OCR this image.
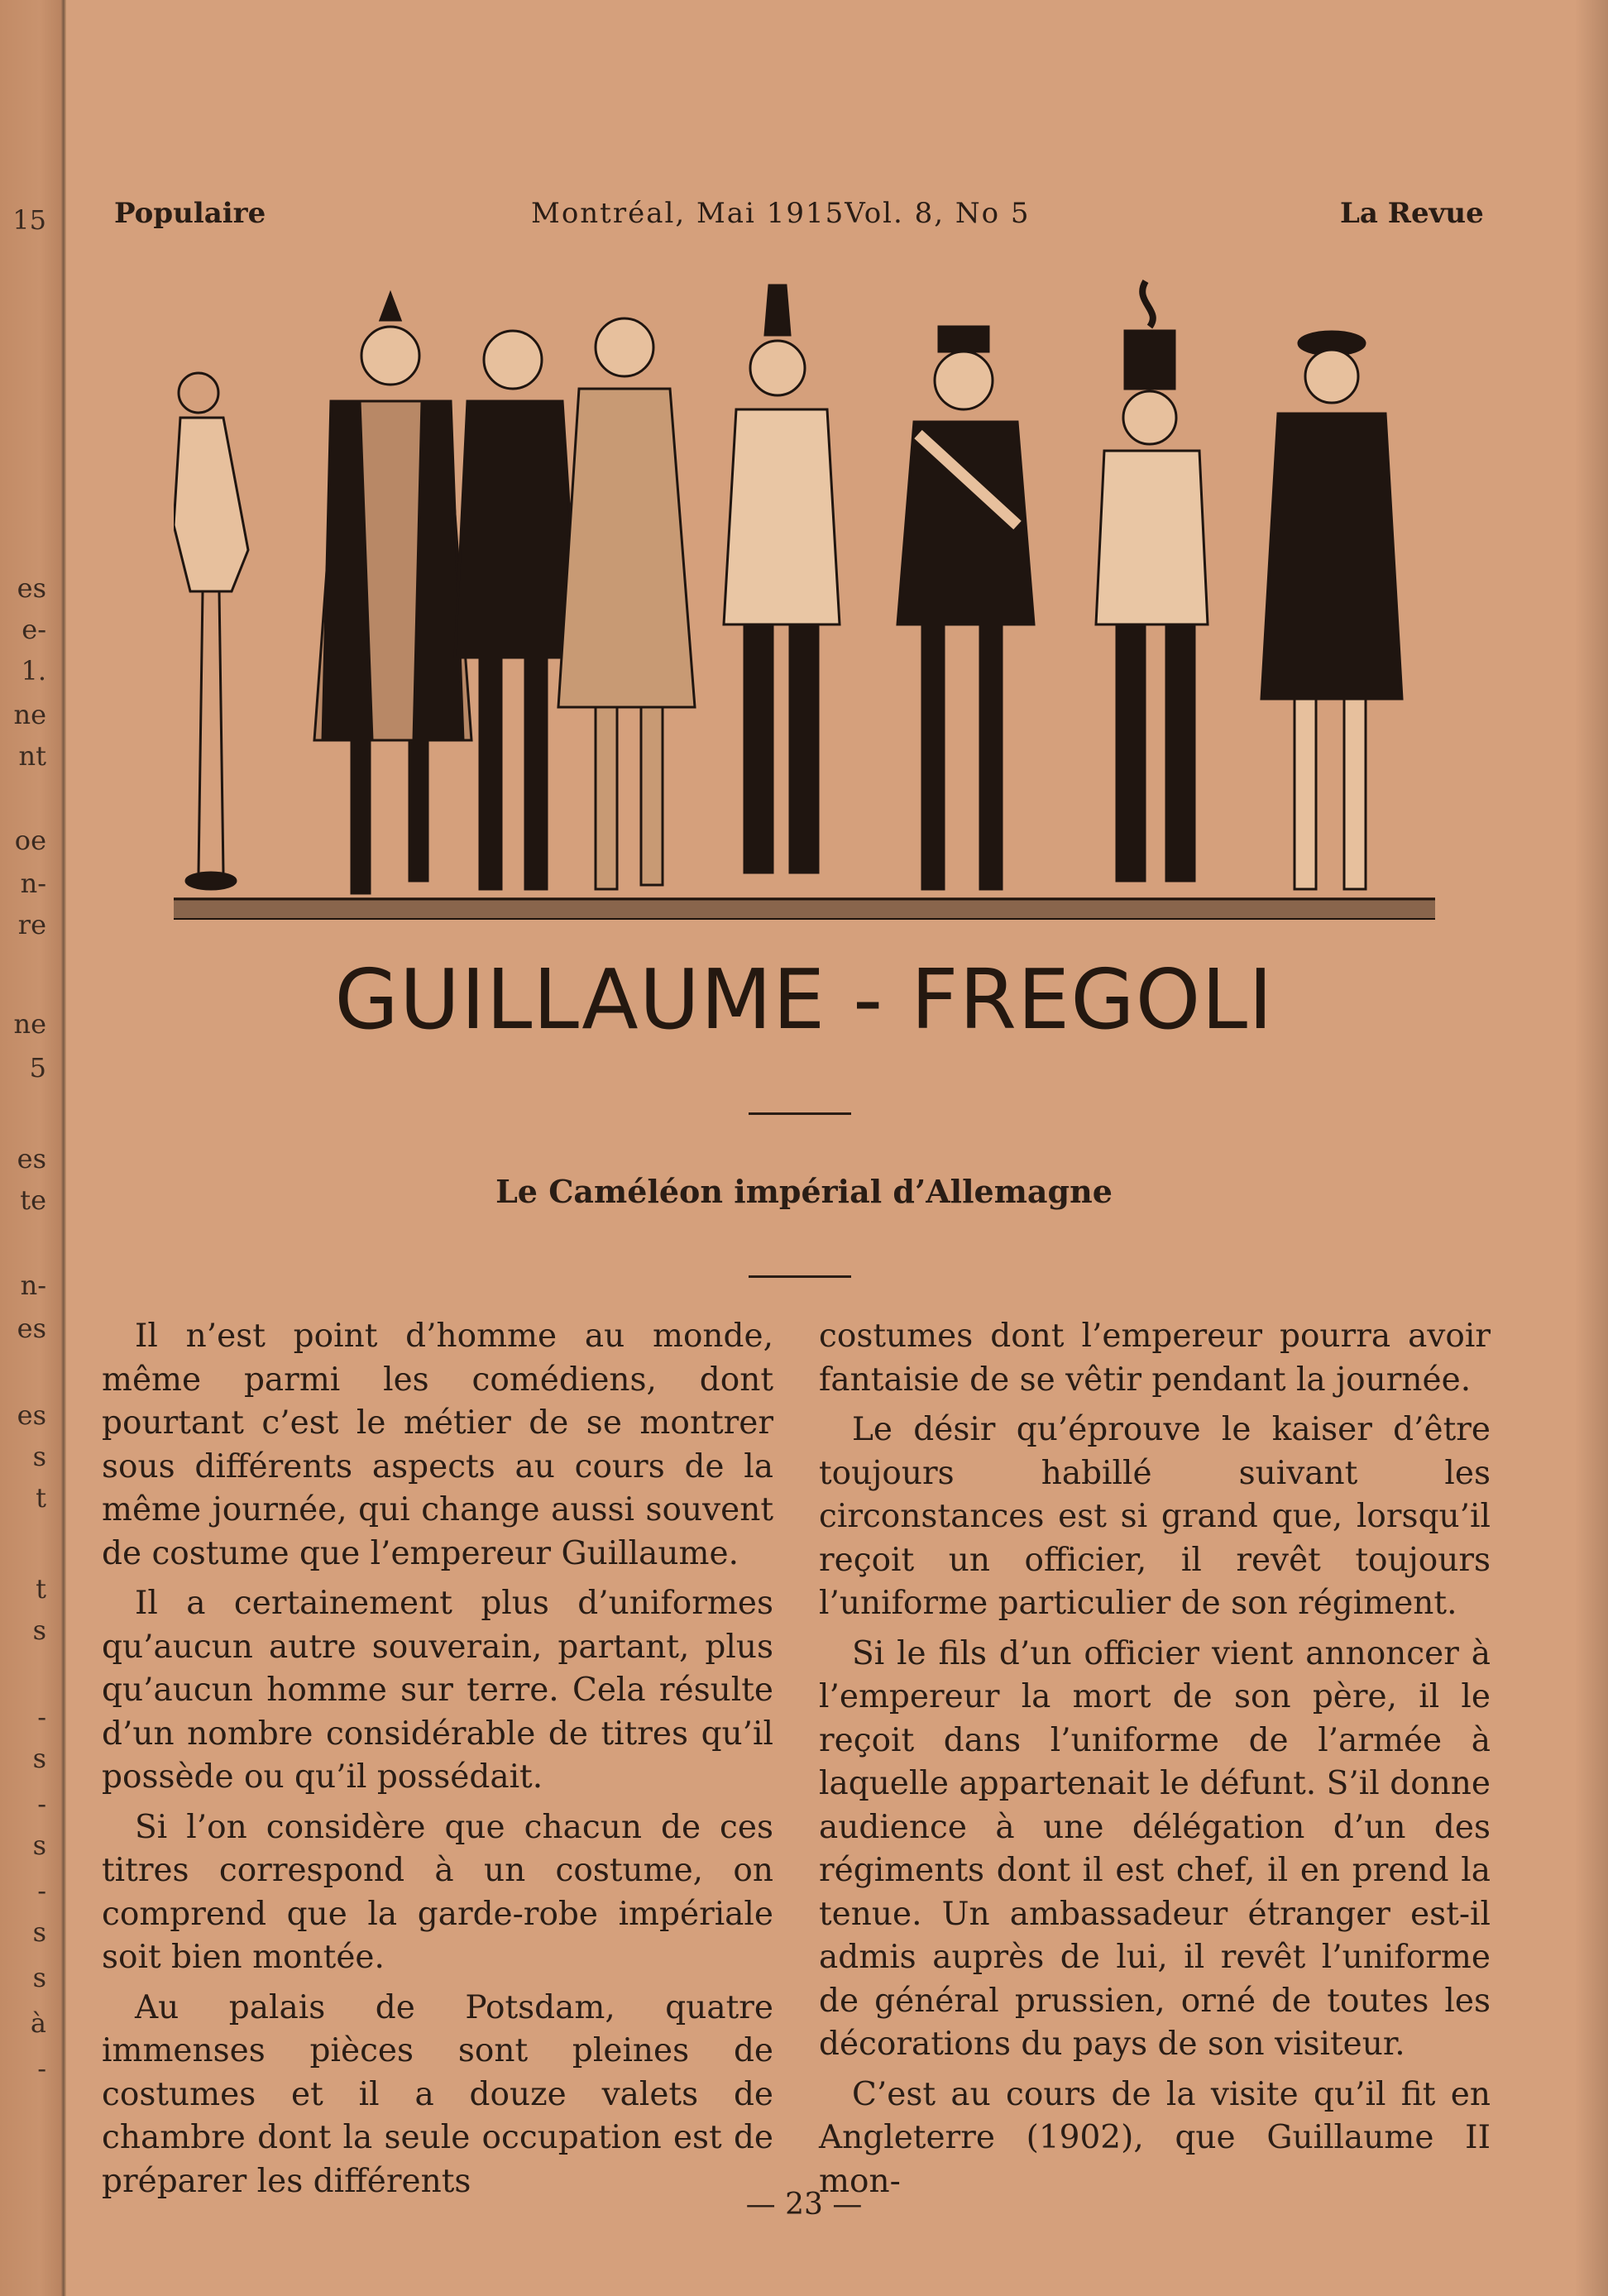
15
es
e-
1.
ne
nt
oe
n-
re
ne
5
es
te
n-
es
es
s
t
t
s
-
s
-
s
-
s
s
à
-
Populaire	Montréal, Mai 1915Vol. 8, No 5	La Revue
GUILLAUME - FREGOLI
Le Caméléon impérial d’Allemagne

Il n’est point d’homme au monde, même parmi les comédiens, dont pourtant c’est le métier de se montrer sous différents aspects au cours de la même journée, qui change aussi souvent de costume que l’empereur Guillaume.

Il a certainement plus d’uniformes qu’aucun autre souverain, partant, plus qu’aucun homme sur terre. Cela résulte d’un nombre considérable de titres qu’il possède ou qu’il possédait.

Si l’on considère que chacun de ces titres correspond à un costume, on comprend que la garde-robe impériale soit bien montée.

Au palais de Potsdam, quatre immenses pièces sont pleines de costumes et il a douze valets de chambre dont la seule occupation est de préparer les différents

costumes dont l’empereur pourra avoir fantaisie de se vêtir pendant la journée.

Le désir qu’éprouve le kaiser d’être toujours habillé suivant les circonstances est si grand que, lorsqu’il reçoit un officier, il revêt toujours l’uniforme particulier de son régiment.

Si le fils d’un officier vient annoncer à l’empereur la mort de son père, il le reçoit dans l’uniforme de l’armée à laquelle appartenait le défunt. S’il donne audience à une délégation d’un des régiments dont il est chef, il en prend la tenue. Un ambassadeur étranger est-il admis auprès de lui, il revêt l’uniforme de général prussien, orné de toutes les décorations du pays de son visiteur.

C’est au cours de la visite qu’il fit en Angleterre (1902), que Guillaume II mon-

— 23 —
